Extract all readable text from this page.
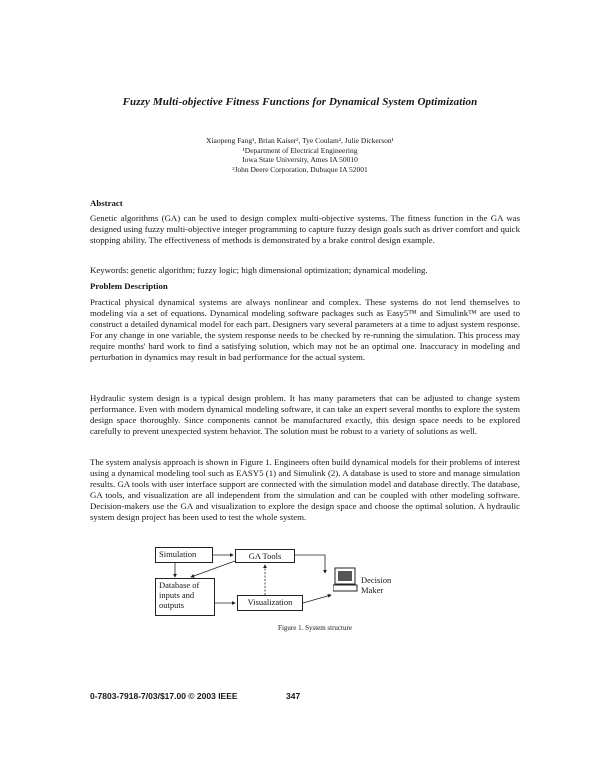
Fuzzy Multi-objective Fitness Functions for Dynamical System Optimization
Xiaopeng Fang¹, Brian Kaiser², Tye Coulam², Julie Dickerson¹
¹Department of Electrical Engineering
Iowa State University, Ames IA 50010
²John Deere Corporation, Dubuque IA 52001
Abstract

Genetic algorithms (GA) can be used to design complex multi-objective systems. The fitness function in the GA was designed using fuzzy multi-objective integer programming to capture fuzzy design goals such as driver comfort and quick stopping ability. The effectiveness of methods is demonstrated by a brake control design example.

Keywords: genetic algorithm; fuzzy logic; high dimensional optimization; dynamical modeling.

Problem Description

Practical physical dynamical systems are always nonlinear and complex. These systems do not lend themselves to modeling via a set of equations. Dynamical modeling software packages such as Easy5™ and Simulink™ are used to construct a detailed dynamical model for each part. Designers vary several parameters at a time to adjust system response. For any change in one variable, the system response needs to be checked by re-running the simulation. This process may require months' hard work to find a satisfying solution, which may not be an optimal one. Inaccuracy in modeling and perturbation in dynamics may result in bad performance for the actual system.

Hydraulic system design is a typical design problem. It has many parameters that can be adjusted to change system performance. Even with modern dynamical modeling software, it can take an expert several months to explore the system design space thoroughly. Since components cannot be manufactured exactly, this design space needs to be explored carefully to prevent unexpected system behavior. The solution must be robust to a variety of solutions as well.

The system analysis approach is shown in Figure 1. Engineers often build dynamical models for their problems of interest using a dynamical modeling tool such as EASY5 (1) and Simulink (2). A database is used to store and manage simulation results. GA tools with user interface support are connected with the simulation model and database directly. The database, GA tools, and visualization are all independent from the simulation and can be coupled with other modeling software. Decision-makers use the GA and visualization to explore the design space and choose the optimal solution. A hydraulic system design project has been used to test the whole system.

Simulation	GA Tools
Database of inputs and outputs	Visualization
Decision Maker
Figure 1. System structure
0-7803-7918-7/03/$17.00 © 2003 IEEE	347
